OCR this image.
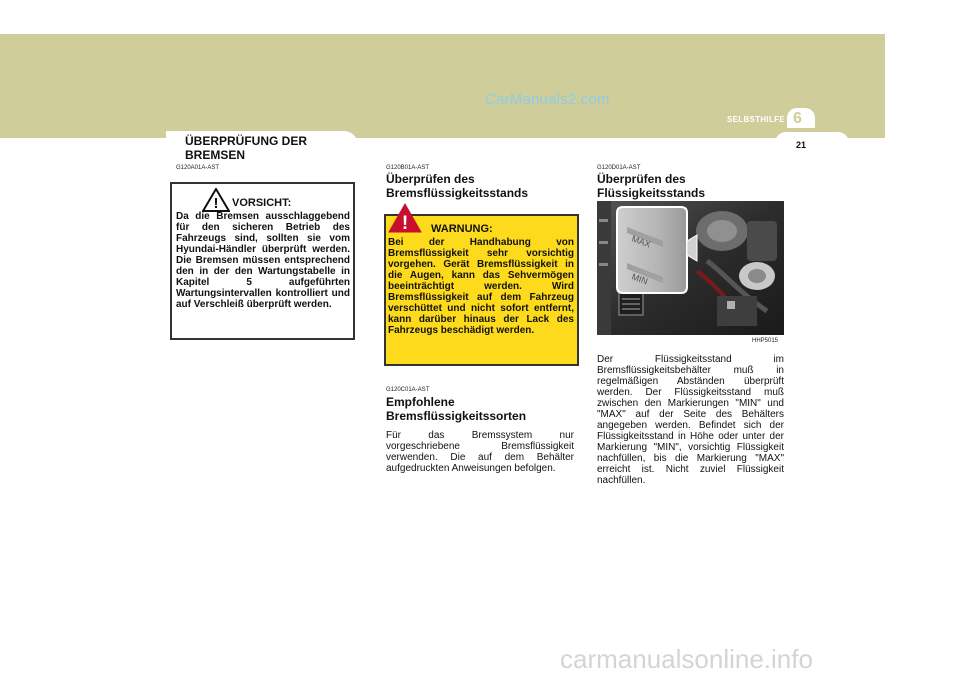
CarManuals2.com
6
SELBSTHILFE
21
ÜBERPRÜFUNG DER BREMSEN
G120A01A-AST
! VORSICHT:
Da die Bremsen ausschlaggebend für den sicheren Betrieb des Fahrzeugs sind, sollten sie vom Hyundai-Händler überprüft werden. Die Bremsen müssen entsprechend den in der den Wartungstabelle in Kapitel 5 aufgeführten Wartungsintervallen kontrolliert und auf Verschleiß überprüft werden.
G120B01A-AST
Überprüfen des Bremsflüssigkeitsstands
! WARNUNG:
Bei der Handhabung von Bremsflüssigkeit sehr vorsichtig vorgehen. Gerät Bremsflüssigkeit in die Augen, kann das Sehvermögen beeinträchtigt werden. Wird Bremsflüssigkeit auf dem Fahrzeug verschüttet und nicht sofort entfernt, kann darüber hinaus der Lack des Fahrzeugs beschädigt werden.
G120C01A-AST
Empfohlene Bremsflüssigkeitssorten
Für das Bremssystem nur vorgeschriebene Bremsflüssigkeit verwenden. Die auf dem Behälter aufgedruckten Anweisungen befolgen.
G120D01A-AST
Überprüfen des Flüssigkeitsstands
MAX
MIN
HHP5015
Der Flüssigkeitsstand im Bremsflüssigkeitsbehälter muß in regelmäßigen Abständen überprüft werden. Der Flüssigkeitsstand muß zwischen den Markierungen "MIN" und "MAX" auf der Seite des Behälters angegeben werden. Befindet sich der Flüssigkeitsstand in Höhe oder unter der Markierung "MIN", vorsichtig Flüssigkeit nachfüllen, bis die Markierung "MAX" erreicht ist. Nicht zuviel Flüssigkeit nachfüllen.
carmanualsonline.info
